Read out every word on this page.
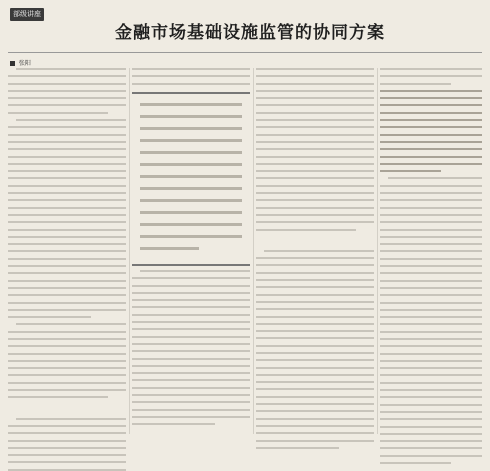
部级讲座
金融市场基础设施监管的协同方案
张阳
